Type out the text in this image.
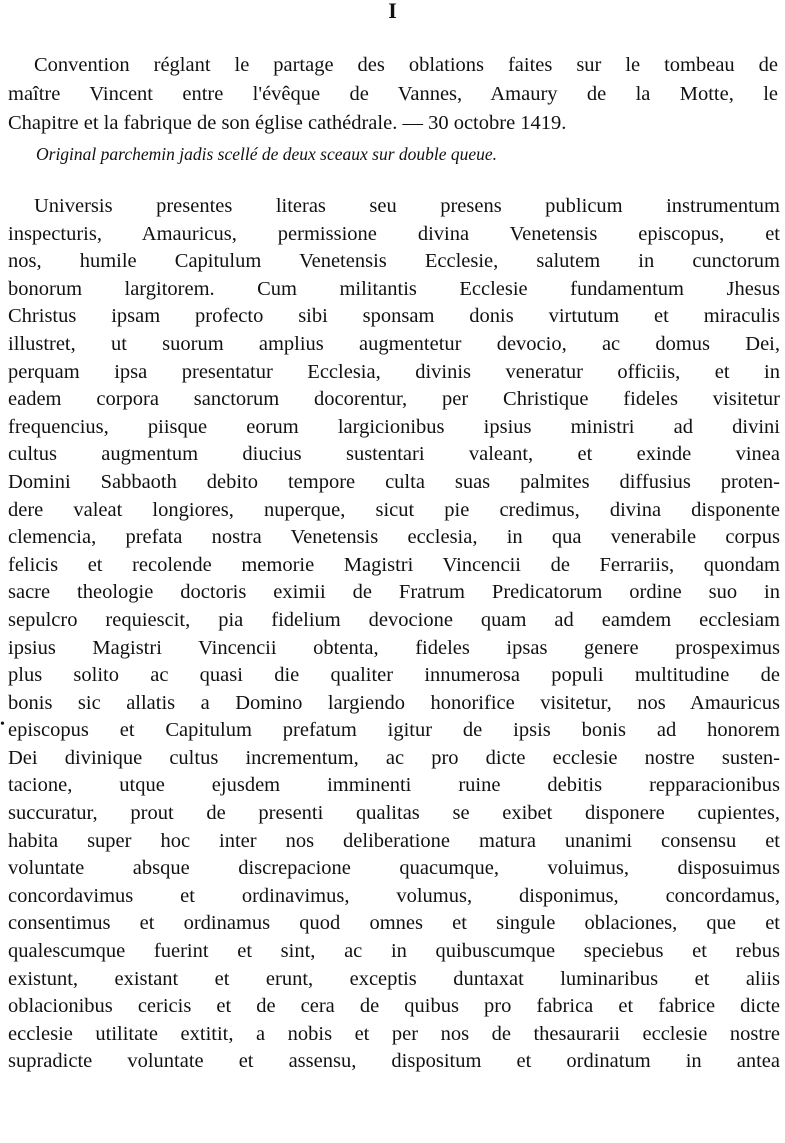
I
Convention réglant le partage des oblations faites sur le tombeau de
maître Vincent entre l'évêque de Vannes, Amaury de la Motte, le
Chapitre et la fabrique de son église cathédrale. — 30 octobre 1419.
Original parchemin jadis scellé de deux sceaux sur double queue.
•
Universis presentes literas seu presens publicum instrumentum
inspecturis, Amauricus, permissione divina Venetensis episcopus, et
nos, humile Capitulum Venetensis Ecclesie, salutem in cunctorum
bonorum largitorem. Cum militantis Ecclesie fundamentum Jhesus
Christus ipsam profecto sibi sponsam donis virtutum et miraculis
illustret, ut suorum amplius augmentetur devocio, ac domus Dei,
perquam ipsa presentatur Ecclesia, divinis veneratur officiis, et in
eadem corpora sanctorum docorentur, per Christique fideles visitetur
frequencius, piisque eorum largicionibus ipsius ministri ad divini
cultus augmentum diucius sustentari valeant, et exinde vinea
Domini Sabbaoth debito tempore culta suas palmites diffusius proten-
dere valeat longiores, nuperque, sicut pie credimus, divina disponente
clemencia, prefata nostra Venetensis ecclesia, in qua venerabile corpus
felicis et recolende memorie Magistri Vincencii de Ferrariis, quondam
sacre theologie doctoris eximii de Fratrum Predicatorum ordine suo in
sepulcro requiescit, pia fidelium devocione quam ad eamdem ecclesiam
ipsius Magistri Vincencii obtenta, fideles ipsas genere prospeximus
plus solito ac quasi die qualiter innumerosa populi multitudine de
bonis sic allatis a Domino largiendo honorifice visitetur, nos Amauricus
episcopus et Capitulum prefatum igitur de ipsis bonis ad honorem
Dei divinique cultus incrementum, ac pro dicte ecclesie nostre susten-
tacione, utque ejusdem imminenti ruine debitis repparacionibus
succuratur, prout de presenti qualitas se exibet disponere cupientes,
habita super hoc inter nos deliberatione matura unanimi consensu et
voluntate absque discrepacione quacumque, voluimus, disposuimus
concordavimus et ordinavimus, volumus, disponimus, concordamus,
consentimus et ordinamus quod omnes et singule oblaciones, que et
qualescumque fuerint et sint, ac in quibuscumque speciebus et rebus
existunt, existant et erunt, exceptis duntaxat luminaribus et aliis
oblacionibus cericis et de cera de quibus pro fabrica et fabrice dicte
ecclesie utilitate extitit, a nobis et per nos de thesaurarii ecclesie nostre
supradicte voluntate et assensu, dispositum et ordinatum in antea
